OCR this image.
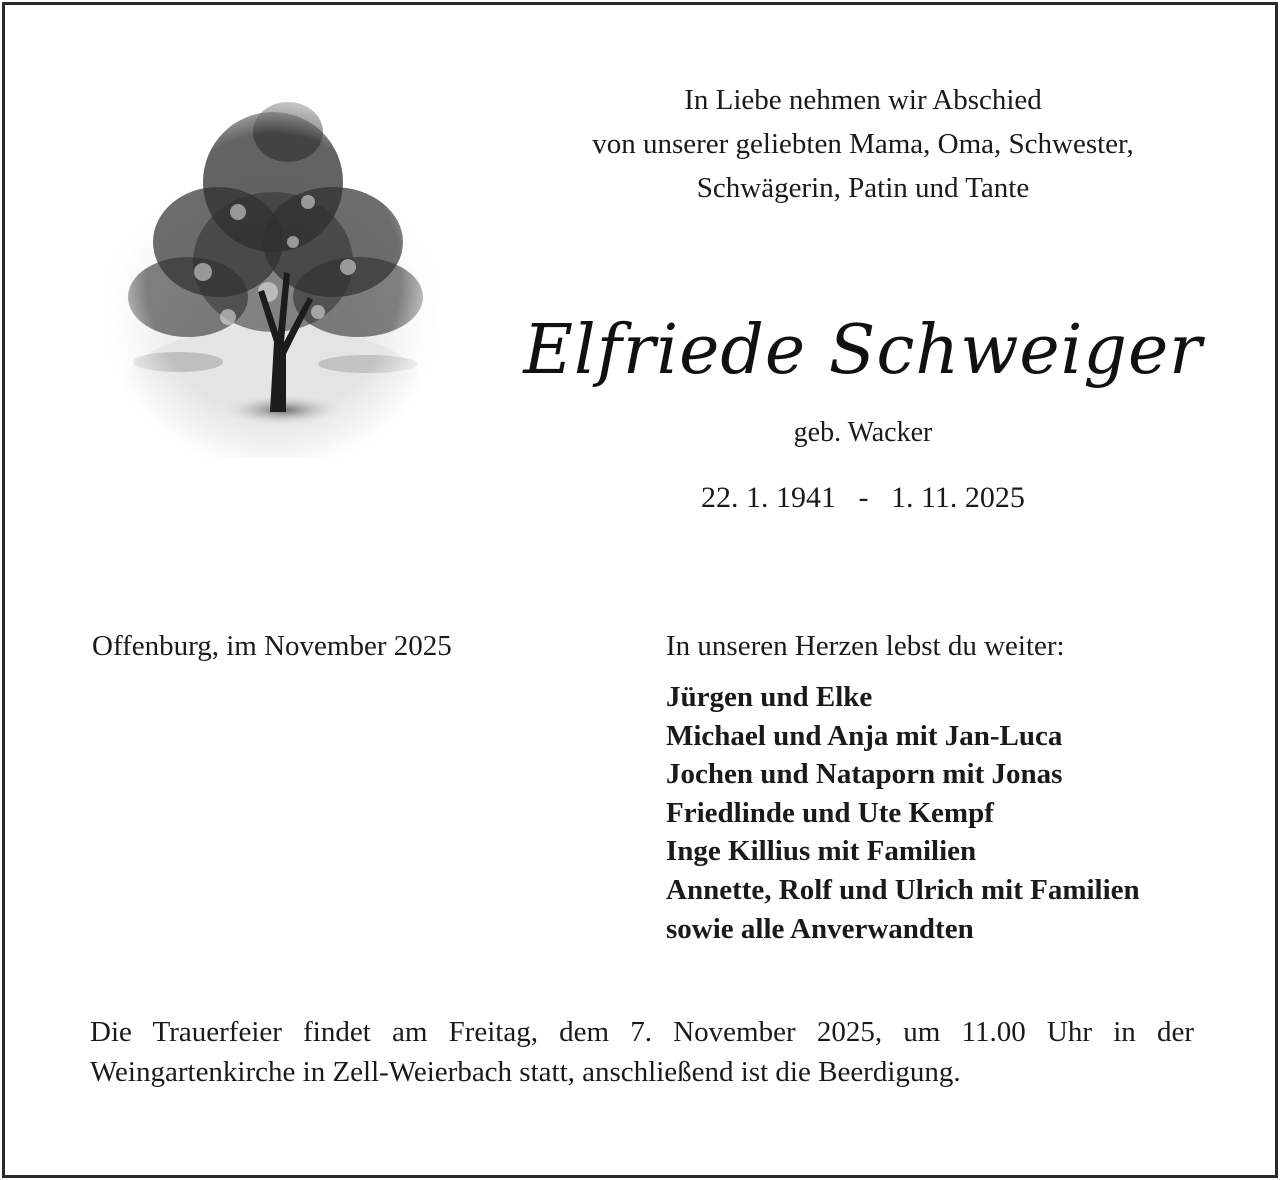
In Liebe nehmen wir Abschied
von unserer geliebten Mama, Oma, Schwester,
Schwägerin, Patin und Tante
Elfriede Schweiger
geb. Wacker
22. 1. 1941   -   1. 11. 2025
Offenburg, im November 2025	In unseren Herzen lebst du weiter:
Jürgen und Elke
Michael und Anja mit Jan-Luca
Jochen und Nataporn mit Jonas
Friedlinde und Ute Kempf
Inge Killius mit Familien
Annette, Rolf und Ulrich mit Familien
sowie alle Anverwandten
Die Trauerfeier findet am Freitag, dem 7. November 2025, um 11.00 Uhr in der
Weingartenkirche in Zell-Weierbach statt, anschließend ist die Beerdigung.
